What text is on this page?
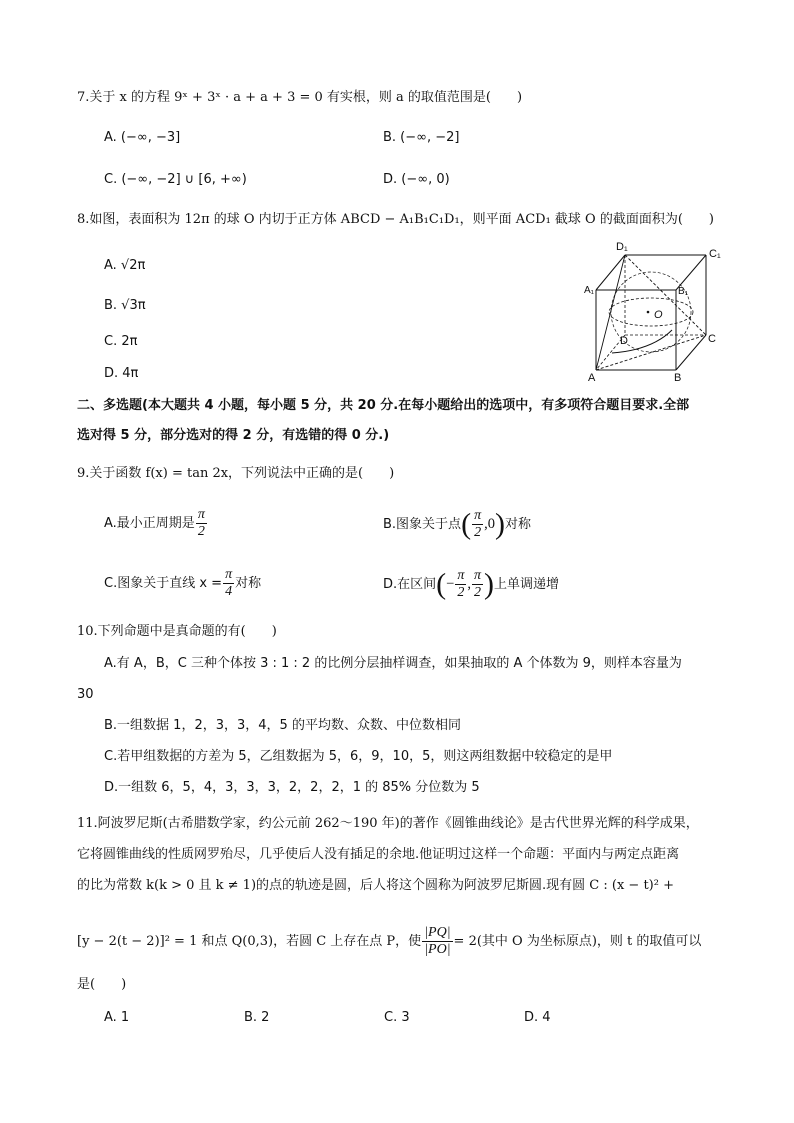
7.关于 x 的方程 9ˣ + 3ˣ · a + a + 3 = 0 有实根，则 a 的取值范围是(　　)
A. (−∞, −3]	B. (−∞, −2]
C. (−∞, −2] ∪ [6, +∞)	D. (−∞, 0)
8.如图，表面积为 12π 的球 O 内切于正方体 ABCD − A₁B₁C₁D₁，则平面 ACD₁ 截球 O 的截面面积为(　　)
A. √2π
B. √3π
C. 2π
D. 4π
D₁
C₁
A₁	B₁
O
D	C
A	B
二、多选题(本大题共 4 小题，每小题 5 分，共 20 分.在每小题给出的选项中，有多项符合题目要求.全部
选对得 5 分，部分选对的得 2 分，有选错的得 0 分.)
9.关于函数 f(x) = tan 2x，下列说法中正确的是(　　)
A.最小正周期是 $\frac{\pi}{2}$	B.图象关于点( $\frac{\pi}{2} ,0$)对称
C.图象关于直线 $x = \frac{\pi}{4}$ 对称	D.在区间(− $\frac{\pi}{2}$ , $\frac{\pi}{2}$ )上单调递增
10.下列命题中是真命题的有(　　)
A.有 A，B，C 三种个体按 3 : 1 : 2 的比例分层抽样调查，如果抽取的 A 个体数为 9，则样本容量为
30
B.一组数据 1，2，3，3，4，5 的平均数、众数、中位数相同
C.若甲组数据的方差为 5，乙组数据为 5，6，9，10，5，则这两组数据中较稳定的是甲
D.一组数 6，5，4，3，3，3，2，2，2，1 的 85% 分位数为 5
11.阿波罗尼斯(古希腊数学家，约公元前 262～190 年)的著作《圆锥曲线论》是古代世界光辉的科学成果，
它将圆锥曲线的性质网罗殆尽，几乎使后人没有插足的余地.他证明过这样一个命题：平面内与两定点距离
的比为常数 k(k > 0 且 k ≠ 1)的点的轨迹是圆，后人将这个圆称为阿波罗尼斯圆.现有圆 C : (x − t)² +
[y − 2(t − 2)]² = 1 和点 Q(0,3)，若圆 C 上存在点 P，使 $\frac{|PQ|}{|PO|} = 2$(其中 O 为坐标原点)，则 t 的取值可以
是(　　)
A. 1	B. 2	C. 3	D. 4
